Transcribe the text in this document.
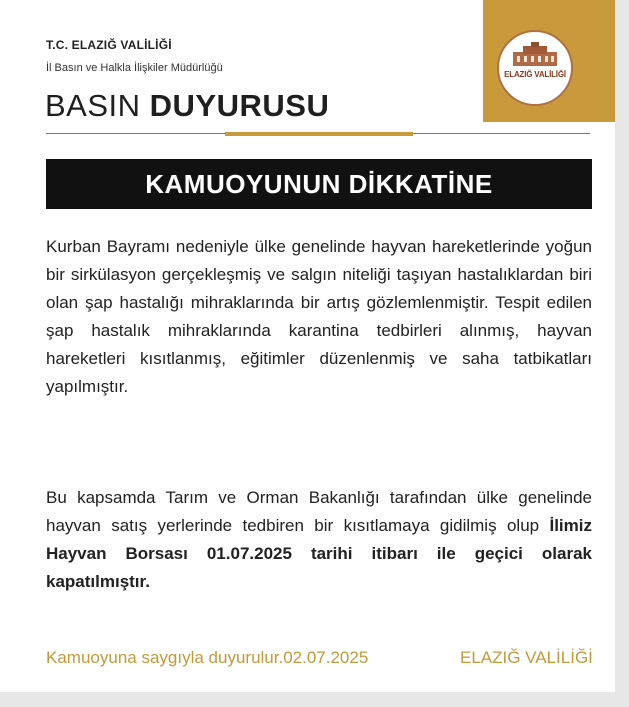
ELAZIĞ VALİLİĞİ
T.C. ELAZIĞ VALİLİĞİ
İl Basın ve Halkla İlişkiler Müdürlüğü
BASIN DUYURUSU
KAMUOYUNUN DİKKATİNE
Kurban Bayramı nedeniyle ülke genelinde hayvan hareketlerinde yoğun bir sirkülasyon gerçekleşmiş ve salgın niteliği taşıyan hastalıklardan biri olan şap hastalığı mihraklarında bir artış gözlemlenmiştir. Tespit edilen şap hastalık mihraklarında karantina tedbirleri alınmış, hayvan hareketleri kısıtlanmış, eğitimler düzenlenmiş ve saha tatbikatları yapılmıştır.
Bu kapsamda Tarım ve Orman Bakanlığı tarafından ülke genelinde hayvan satış yerlerinde tedbiren bir kısıtlamaya gidilmiş olup İlimiz Hayvan Borsası 01.07.2025 tarihi itibarı ile geçici olarak kapatılmıştır.
Kamuoyuna saygıyla duyurulur.02.07.2025	ELAZIĞ VALİLİĞİ
